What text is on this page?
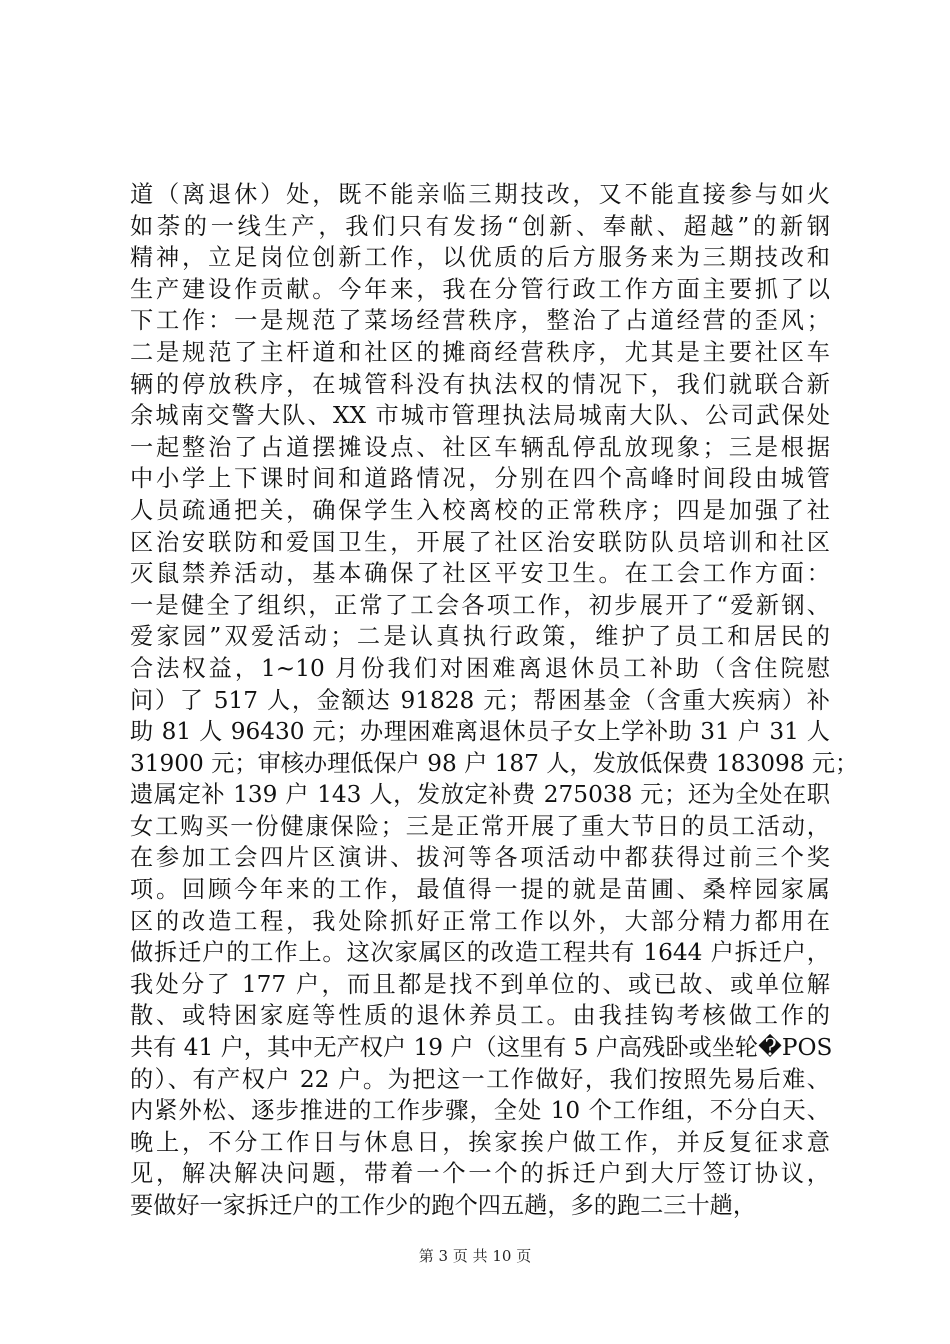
道（离退休）处，既不能亲临三期技改，又不能直接参与如火
如荼的一线生产，我们只有发扬“创新、奉献、超越”的新钢
精神，立足岗位创新工作，以优质的后方服务来为三期技改和
生产建设作贡献。今年来，我在分管行政工作方面主要抓了以
下工作：一是规范了菜场经营秩序，整治了占道经营的歪风；
二是规范了主杆道和社区的摊商经营秩序，尤其是主要社区车
辆的停放秩序，在城管科没有执法权的情况下，我们就联合新
余城南交警大队、XX 市城市管理执法局城南大队、公司武保处
一起整治了占道摆摊设点、社区车辆乱停乱放现象；三是根据
中小学上下课时间和道路情况，分别在四个高峰时间段由城管
人员疏通把关，确保学生入校离校的正常秩序；四是加强了社
区治安联防和爱国卫生，开展了社区治安联防队员培训和社区
灭鼠禁养活动，基本确保了社区平安卫生。在工会工作方面：
一是健全了组织，正常了工会各项工作，初步展开了“爱新钢、
爱家园”双爱活动；二是认真执行政策，维护了员工和居民的
合法权益，1~10 月份我们对困难离退休员工补助（含住院慰
问）了 517 人，金额达 91828 元；帮困基金（含重大疾病）补
助 81 人 96430 元；办理困难离退休员子女上学补助 31 户 31 人
31900 元；审核办理低保户 98 户 187 人，发放低保费 183098 元；
遗属定补 139 户 143 人，发放定补费 275038 元；还为全处在职
女工购买一份健康保险；三是正常开展了重大节日的员工活动，
在参加工会四片区演讲、拔河等各项活动中都获得过前三个奖
项。回顾今年来的工作，最值得一提的就是苗圃、桑梓园家属
区的改造工程，我处除抓好正常工作以外，大部分精力都用在
做拆迁户的工作上。这次家属区的改造工程共有 1644 户拆迁户，
我处分了 177 户，而且都是找不到单位的、或已故、或单位解
散、或特困家庭等性质的退休养员工。由我挂钩考核做工作的
共有 41 户，其中无产权户 19 户（这里有 5 户高残卧或坐轮�POS
的）、有产权户 22 户。为把这一工作做好，我们按照先易后难、
内紧外松、逐步推进的工作步骤，全处 10 个工作组，不分白天、
晚上，不分工作日与休息日，挨家挨户做工作，并反复征求意
见，解决解决问题，带着一个一个的拆迁户到大厅签订协议，
要做好一家拆迁户的工作少的跑个四五趟，多的跑二三十趟，
第 3 页 共 10 页
